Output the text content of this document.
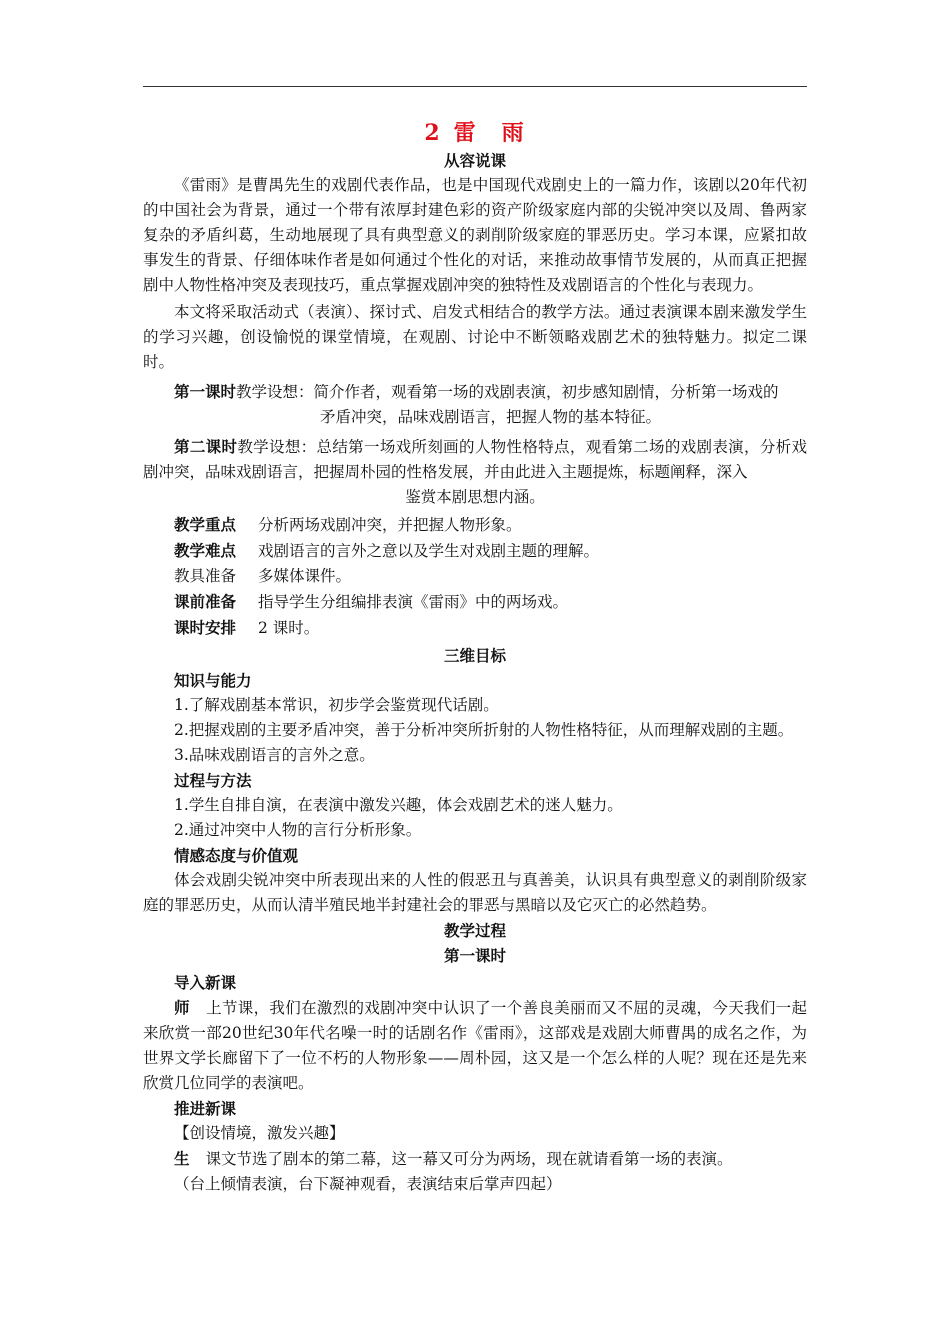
2 雷　雨
从容说课

《雷雨》是曹禺先生的戏剧代表作品，也是中国现代戏剧史上的一篇力作，该剧以20年代初的中国社会为背景，通过一个带有浓厚封建色彩的资产阶级家庭内部的尖锐冲突以及周、鲁两家复杂的矛盾纠葛，生动地展现了具有典型意义的剥削阶级家庭的罪恶历史。学习本课，应紧扣故事发生的背景、仔细体味作者是如何通过个性化的对话，来推动故事情节发展的，从而真正把握剧中人物性格冲突及表现技巧，重点掌握戏剧冲突的独特性及戏剧语言的个性化与表现力。

本文将采取活动式（表演）、探讨式、启发式相结合的教学方法。通过表演课本剧来激发学生的学习兴趣，创设愉悦的课堂情境，在观剧、讨论中不断领略戏剧艺术的独特魅力。拟定二课时。

第一课时教学设想：简介作者，观看第一场的戏剧表演，初步感知剧情，分析第一场戏的
矛盾冲突，品味戏剧语言，把握人物的基本特征。

第二课时教学设想：总结第一场戏所刻画的人物性格特点，观看第二场的戏剧表演，分析戏剧冲突，品味戏剧语言，把握周朴园的性格发展，并由此进入主题提炼，标题阐释，深入
鉴赏本剧思想内涵。

教学重点 分析两场戏剧冲突，并把握人物形象。

教学难点 戏剧语言的言外之意以及学生对戏剧主题的理解。

教具准备 多媒体课件。

课前准备 指导学生分组编排表演《雷雨》中的两场戏。

课时安排 2 课时。

三维目标

知识与能力

1.了解戏剧基本常识，初步学会鉴赏现代话剧。

2.把握戏剧的主要矛盾冲突，善于分析冲突所折射的人物性格特征，从而理解戏剧的主题。

3.品味戏剧语言的言外之意。

过程与方法

1.学生自排自演，在表演中激发兴趣，体会戏剧艺术的迷人魅力。

2.通过冲突中人物的言行分析形象。

情感态度与价值观

体会戏剧尖锐冲突中所表现出来的人性的假恶丑与真善美，认识具有典型意义的剥削阶级家庭的罪恶历史，从而认清半殖民地半封建社会的罪恶与黑暗以及它灭亡的必然趋势。

教学过程
第一课时

导入新课

师 上节课，我们在激烈的戏剧冲突中认识了一个善良美丽而又不屈的灵魂，今天我们一起来欣赏一部20世纪30年代名噪一时的话剧名作《雷雨》，这部戏是戏剧大师曹禺的成名之作，为世界文学长廊留下了一位不朽的人物形象——周朴园，这又是一个怎么样的人呢？现在还是先来欣赏几位同学的表演吧。

推进新课

【创设情境，激发兴趣】

生 课文节选了剧本的第二幕，这一幕又可分为两场，现在就请看第一场的表演。

（台上倾情表演，台下凝神观看，表演结束后掌声四起）
